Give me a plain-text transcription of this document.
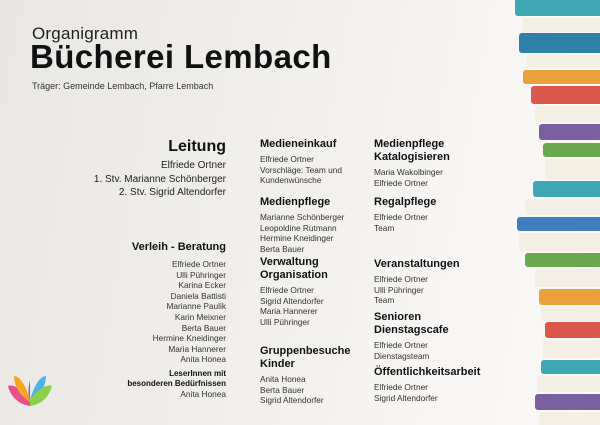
Organigramm
Bücherei Lembach
Träger: Gemeinde Lembach, Pfarre Lembach
Leitung
Elfriede Ortner
1. Stv. Marianne Schönberger
2. Stv. Sigrid Altendorfer
Verleih - Beratung
Elfriede Ortner
Ulli Pühringer
Karina Ecker
Daniela Battisti
Marianne Paulik
Karin Meixner
Berta Bauer
Hermine Kneidinger
Maria Hannerer
Anita Honea
LeserInnen mit
besonderen Bedürfnissen
Anita Honea
Medieneinkauf
Elfriede Ortner
Vorschläge: Team und
Kundenwünsche
Medienpflege
Marianne Schönberger
Leopoldine Rutmann
Hermine Kneidinger
Berta Bauer
Verwaltung
Organisation
Elfriede Ortner
Sigrid Altendorfer
Maria Hannerer
Ulli Pühringer
Gruppenbesuche
Kinder
Anita Honea
Berta Bauer
Sigrid Altendorfer
Medienpflege
Katalogisieren
Maria Wakolbinger
Elfriede Ortner
Regalpflege
Elfriede Ortner
Team
Veranstaltungen
Elfriede Ortner
Ulli Pühringer
Team
Senioren
Dienstagscafe
Elfriede Ortner
Dienstagsteam
Öffentlichkeitsarbeit
Elfriede Ortner
Sigrid Altendorfer
